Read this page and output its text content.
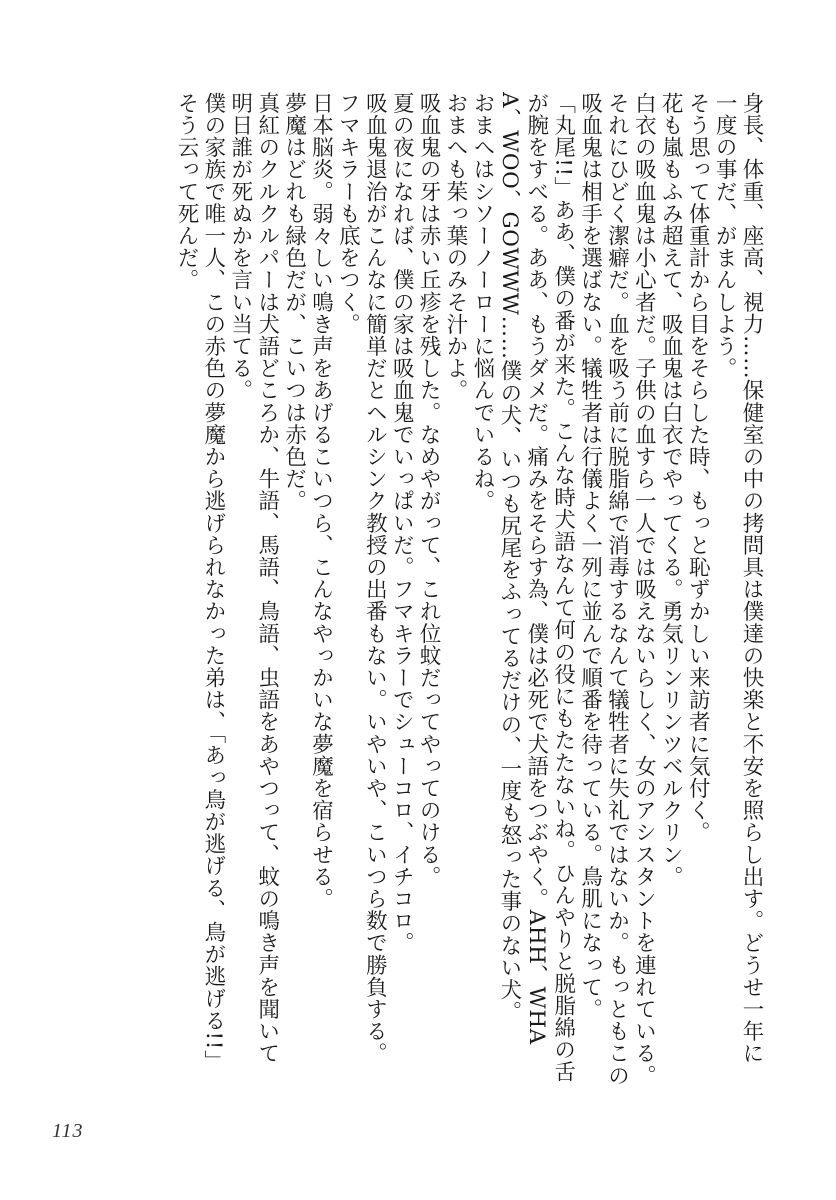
身長、体重、座高、視力……保健室の中の拷問具は僕達の快楽と不安を照らし出す。どうせ一年に

一度の事だ、がまんしよう。

そう思って体重計から目をそらした時、もっと恥ずかしい来訪者に気付く。

花も嵐もふみ超えて、吸血鬼は白衣でやってくる。勇気リンリンツベルクリン。

白衣の吸血鬼は小心者だ。子供の血すら一人では吸えないらしく、女のアシスタントを連れている。

それにひどく潔癖だ。血を吸う前に脱脂綿で消毒するなんて犠牲者に失礼ではないか。もっともこの

吸血鬼は相手を選ばない。犠牲者は行儀よく一列に並んで順番を待っている。鳥肌になって。

「丸尾!!」ああ、僕の番が来た。こんな時犬語なんて何の役にもたたないね。ひんやりと脱脂綿の舌

が腕をすべる。ああ、もうダメだ。痛みをそらす為、僕は必死で犬語をつぶやく。AHH、WHA

A、WOO、GOWWW……僕の犬、いつも尻尾をふってるだけの、一度も怒った事のない犬。

おまへはシソーノーローに悩んでいるね。

おまへも茱っ葉のみそ汁かよ。

吸血鬼の牙は赤い丘疹を残した。なめやがって、これ位蚊だってやってのける。

夏の夜になれば、僕の家は吸血鬼でいっぱいだ。フマキラーでシューコロ、イチコロ。

吸血鬼退治がこんなに簡単だとヘルシンク教授の出番もない。いやいや、こいつら数で勝負する。

フマキラーも底をつく。

日本脳炎。弱々しい鳴き声をあげるこいつら、こんなやっかいな夢魔を宿らせる。

夢魔はどれも緑色だが、こいつは赤色だ。

真紅のクルクルパーは犬語どころか、牛語、馬語、鳥語、虫語をあやつって、蚊の鳴き声を聞いて

明日誰が死ぬかを言い当てる。

僕の家族で唯一人、この赤色の夢魔から逃げられなかった弟は、「あっ鳥が逃げる、鳥が逃げる!!」

そう云って死んだ。

113
